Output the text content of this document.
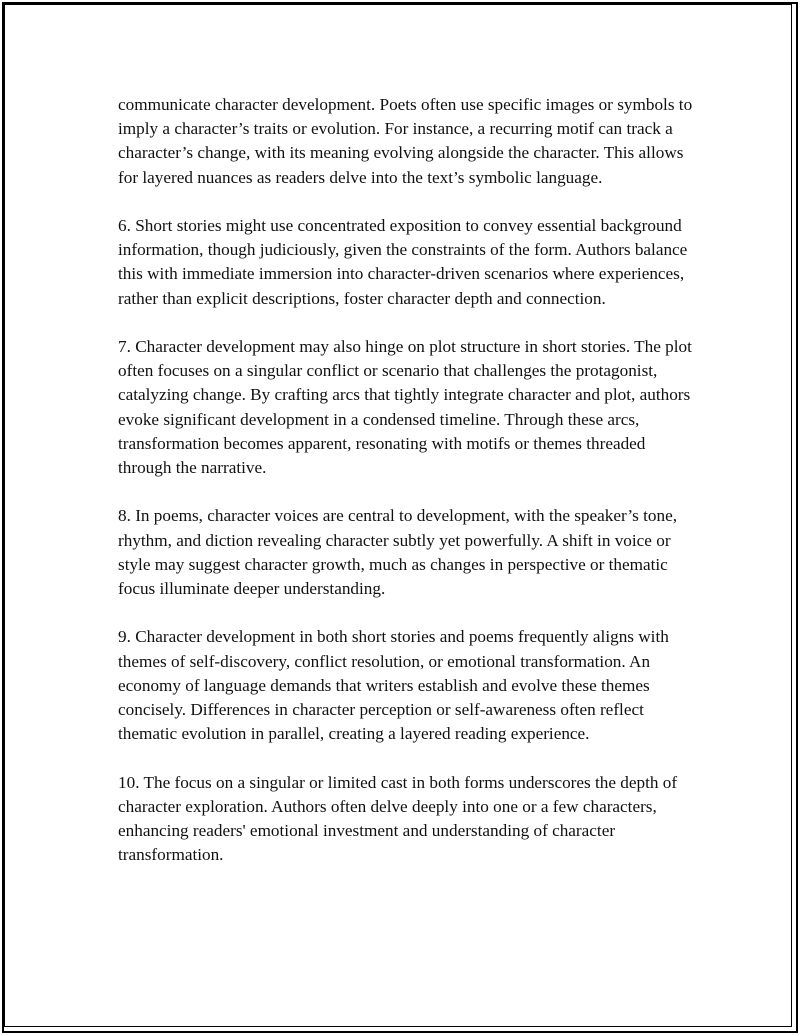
communicate character development. Poets often use specific images or symbols to imply a character’s traits or evolution. For instance, a recurring motif can track a character’s change, with its meaning evolving alongside the character. This allows for layered nuances as readers delve into the text’s symbolic language.

6. Short stories might use concentrated exposition to convey essential background information, though judiciously, given the constraints of the form. Authors balance this with immediate immersion into character-driven scenarios where experiences, rather than explicit descriptions, foster character depth and connection.

7. Character development may also hinge on plot structure in short stories. The plot often focuses on a singular conflict or scenario that challenges the protagonist, catalyzing change. By crafting arcs that tightly integrate character and plot, authors evoke significant development in a condensed timeline. Through these arcs, transformation becomes apparent, resonating with motifs or themes threaded through the narrative.

8. In poems, character voices are central to development, with the speaker’s tone, rhythm, and diction revealing character subtly yet powerfully. A shift in voice or style may suggest character growth, much as changes in perspective or thematic focus illuminate deeper understanding.

9. Character development in both short stories and poems frequently aligns with themes of self-discovery, conflict resolution, or emotional transformation. An economy of language demands that writers establish and evolve these themes concisely. Differences in character perception or self-awareness often reflect thematic evolution in parallel, creating a layered reading experience.

10. The focus on a singular or limited cast in both forms underscores the depth of character exploration. Authors often delve deeply into one or a few characters, enhancing readers' emotional investment and understanding of character transformation.
